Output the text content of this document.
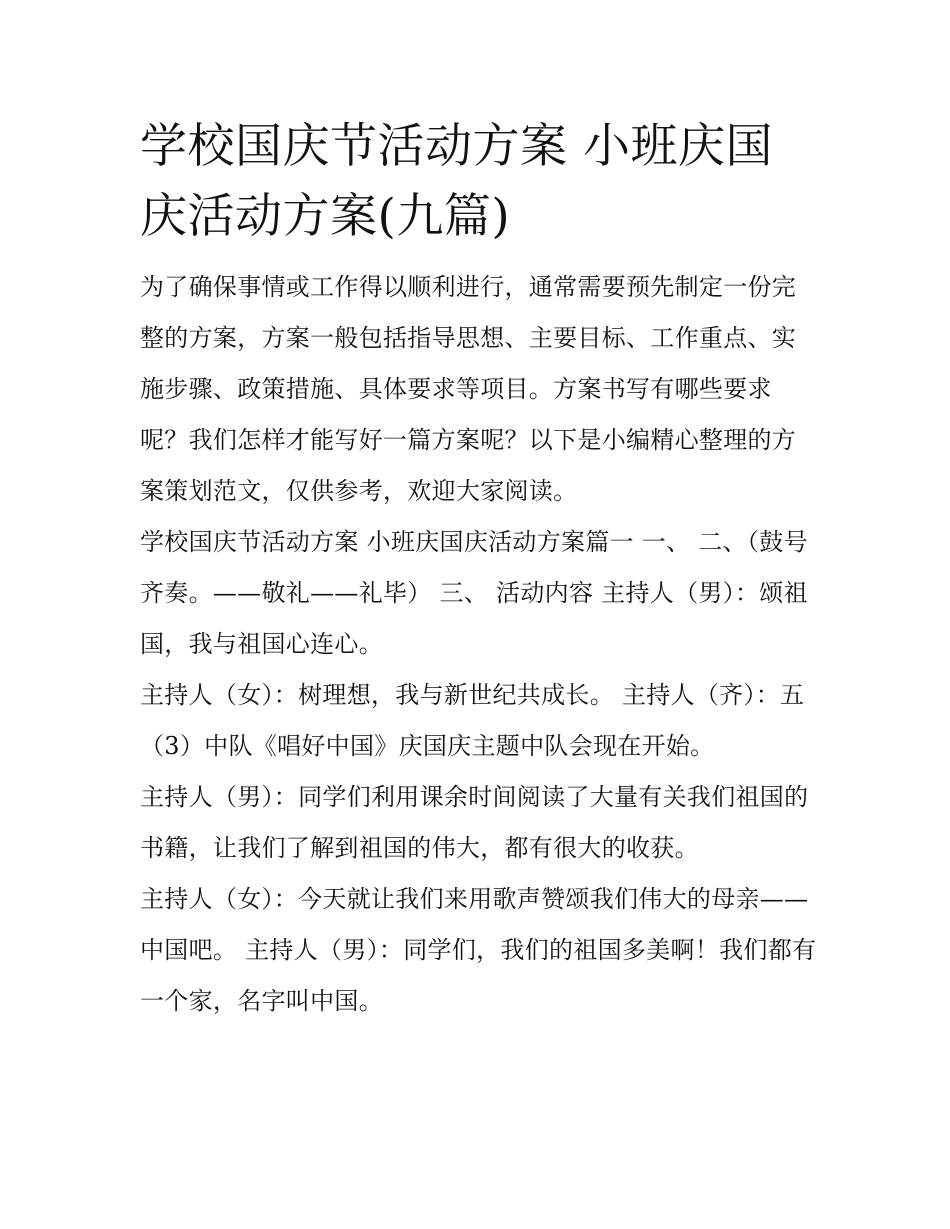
学校国庆节活动方案 小班庆国庆活动方案(九篇)

为了确保事情或工作得以顺利进行，通常需要预先制定一份完整的方案，方案一般包括指导思想、主要目标、工作重点、实施步骤、政策措施、具体要求等项目。方案书写有哪些要求呢？我们怎样才能写好一篇方案呢？以下是小编精心整理的方案策划范文，仅供参考，欢迎大家阅读。

学校国庆节活动方案 小班庆国庆活动方案篇一 一、 二、（鼓号齐奏。——敬礼——礼毕） 三、 活动内容 主持人（男）：颂祖国，我与祖国心连心。

主持人（女）：树理想，我与新世纪共成长。 主持人（齐）：五（3）中队《唱好中国》庆国庆主题中队会现在开始。

主持人（男）：同学们利用课余时间阅读了大量有关我们祖国的书籍，让我们了解到祖国的伟大，都有很大的收获。

主持人（女）：今天就让我们来用歌声赞颂我们伟大的母亲——中国吧。 主持人（男）：同学们，我们的祖国多美啊！我们都有一个家，名字叫中国。
